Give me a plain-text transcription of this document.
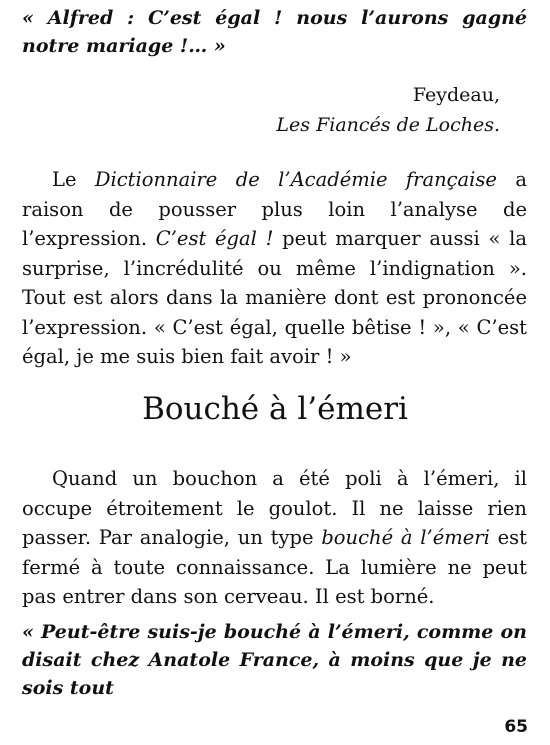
« Alfred : C’est égal ! nous l’aurons gagné notre mariage !… »
Feydeau,
Les Fiancés de Loches.

Le Dictionnaire de l’Académie française a raison de pousser plus loin l’analyse de l’expression. C’est égal ! peut marquer aussi « la surprise, l’incrédulité ou même l’indignation ». Tout est alors dans la manière dont est prononcée l’expression. « C’est égal, quelle bêtise ! », « C’est égal, je me suis bien fait avoir ! »

Bouché à l’émeri

Quand un bouchon a été poli à l’émeri, il occupe étroitement le goulot. Il ne laisse rien passer. Par analogie, un type bouché à l’émeri est fermé à toute connaissance. La lumière ne peut pas entrer dans son cerveau. Il est borné.

« Peut-être suis-je bouché à l’émeri, comme on disait chez Anatole France, à moins que je ne sois tout
65
